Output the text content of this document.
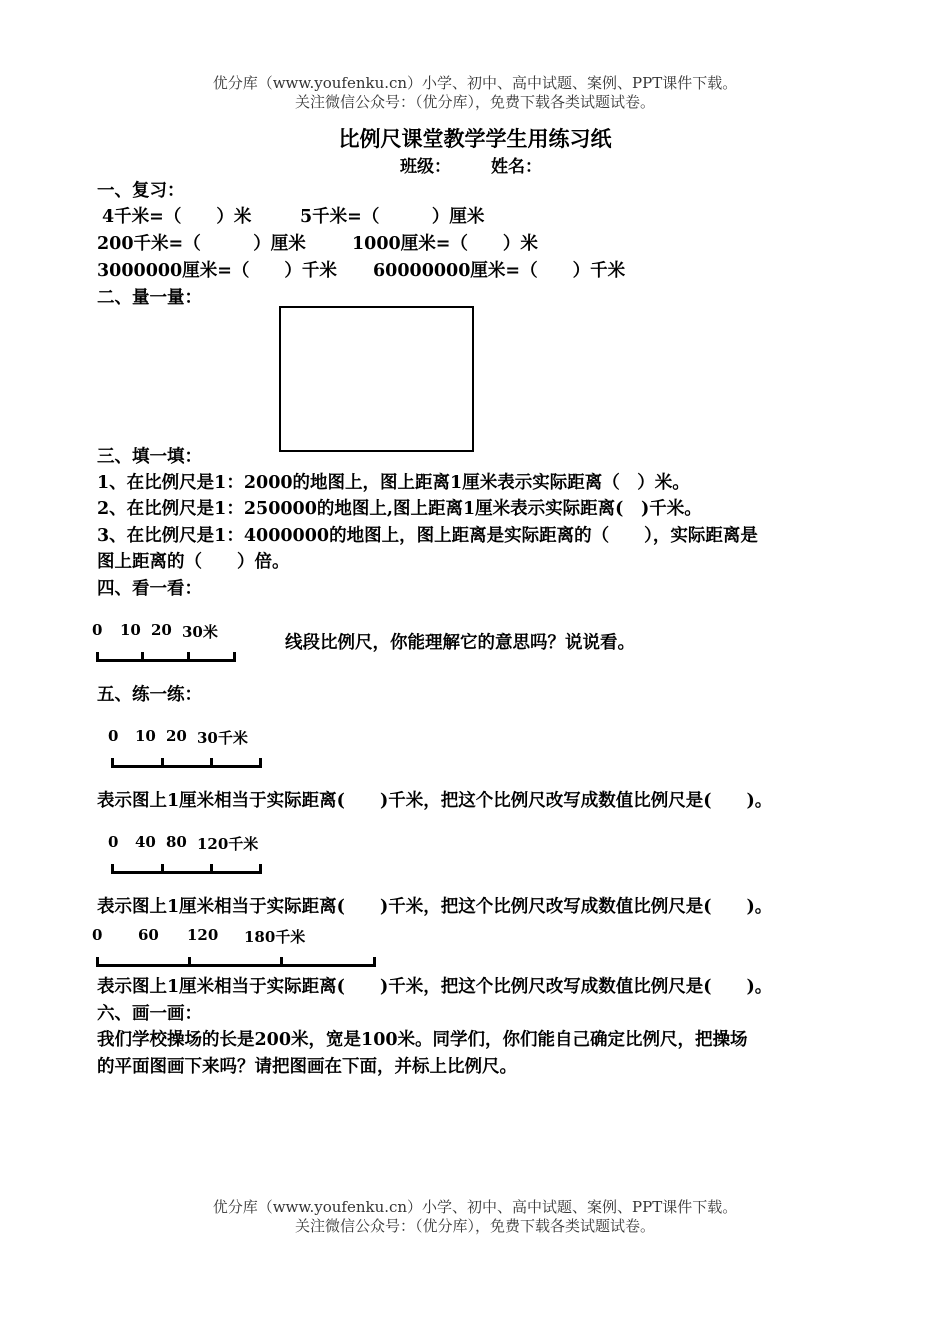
优分库（www.youfenku.cn）小学、初中、高中试题、案例、PPT课件下载。
关注微信公众号：（优分库），免费下载各类试题试卷。
比例尺课堂教学学生用练习纸
班级： 姓名：
一、复习：
4千米=（　　）米	5千米=（　　　）厘米
200千米=（　　　）厘米	1000厘米=（　　）米
3000000厘米=（　　）千米 60000000厘米=（　　）千米
二、量一量：
三、填一填：
1、在比例尺是1：2000的地图上，图上距离1厘米表示实际距离（　）米。
2、在比例尺是1：250000的地图上,图上距离1厘米表示实际距离(　)千米。
3、在比例尺是1：4000000的地图上，图上距离是实际距离的（　　），实际距离是
图上距离的（　　）倍。
四、看一看：
0 10 20 30米
线段比例尺，你能理解它的意思吗？说说看。
五、练一练：
0 10 20 30千米
表示图上1厘米相当于实际距离(　　)千米，把这个比例尺改写成数值比例尺是(　　)。
0 40 80 120千米
表示图上1厘米相当于实际距离(　　)千米，把这个比例尺改写成数值比例尺是(　　)。
0 60 120 180千米
表示图上1厘米相当于实际距离(　　)千米，把这个比例尺改写成数值比例尺是(　　)。
六、画一画：
我们学校操场的长是200米，宽是100米。同学们，你们能自己确定比例尺，把操场
的平面图画下来吗？请把图画在下面，并标上比例尺。
优分库（www.youfenku.cn）小学、初中、高中试题、案例、PPT课件下载。
关注微信公众号：（优分库），免费下载各类试题试卷。
